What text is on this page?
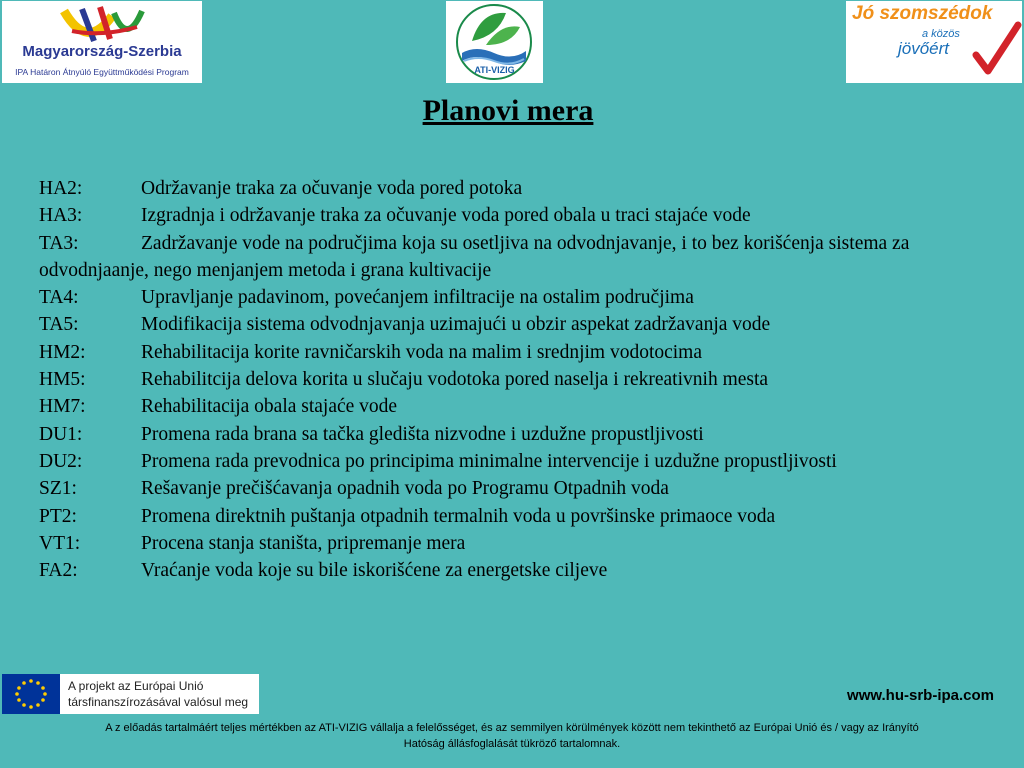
Magyarország-Szerbia
IPA Határon Átnyúló Együttműködési Program	ATI-VIZIG
Jó szomszédok
a közös
jövőért
Planovi mera
HA2:	Održavanje traka za očuvanje voda pored potoka
HA3:	Izgradnja i održavanje traka za očuvanje voda pored obala u traci stajaće vode
TA3:	Zadržavanje vode na područjima koja su osetljiva na odvodnjavanje, i to bez korišćenja sistema za odvodnjaanje, nego menjanjem metoda i grana kultivacije
TA4:	Upravljanje padavinom, povećanjem infiltracije na ostalim područjima
TA5:	Modifikacija sistema odvodnjavanja uzimajući u obzir aspekat zadržavanja vode
HM2:	Rehabilitacija korite ravničarskih voda na malim i srednjim vodotocima
HM5:	Rehabilitcija delova korita u slučaju vodotoka pored naselja i rekreativnih mesta
HM7:	Rehabilitacija obala stajaće vode
DU1:	Promena rada brana sa tačka gledišta nizvodne i uzdužne propustljivosti
DU2:	Promena rada prevodnica po principima minimalne intervencije i uzdužne propustljivosti
SZ1:	Rešavanje prečišćavanja opadnih voda po Programu Otpadnih voda
PT2:	Promena direktnih puštanja otpadnih termalnih voda u površinske primaoce voda
VT1:	Procena stanja staništa, pripremanje mera
FA2:	Vraćanje voda koje su bile iskorišćene za energetske ciljeve
A projekt az Európai Unió
társfinanszírozásával valósul meg	www.hu-srb-ipa.com
A z előadás tartalmáért teljes mértékben az ATI-VIZIG vállalja a felelősséget, és az semmilyen körülmények között nem tekinthető az Európai Unió és / vagy az Irányító
Hatóság állásfoglalását tükröző tartalomnak.
